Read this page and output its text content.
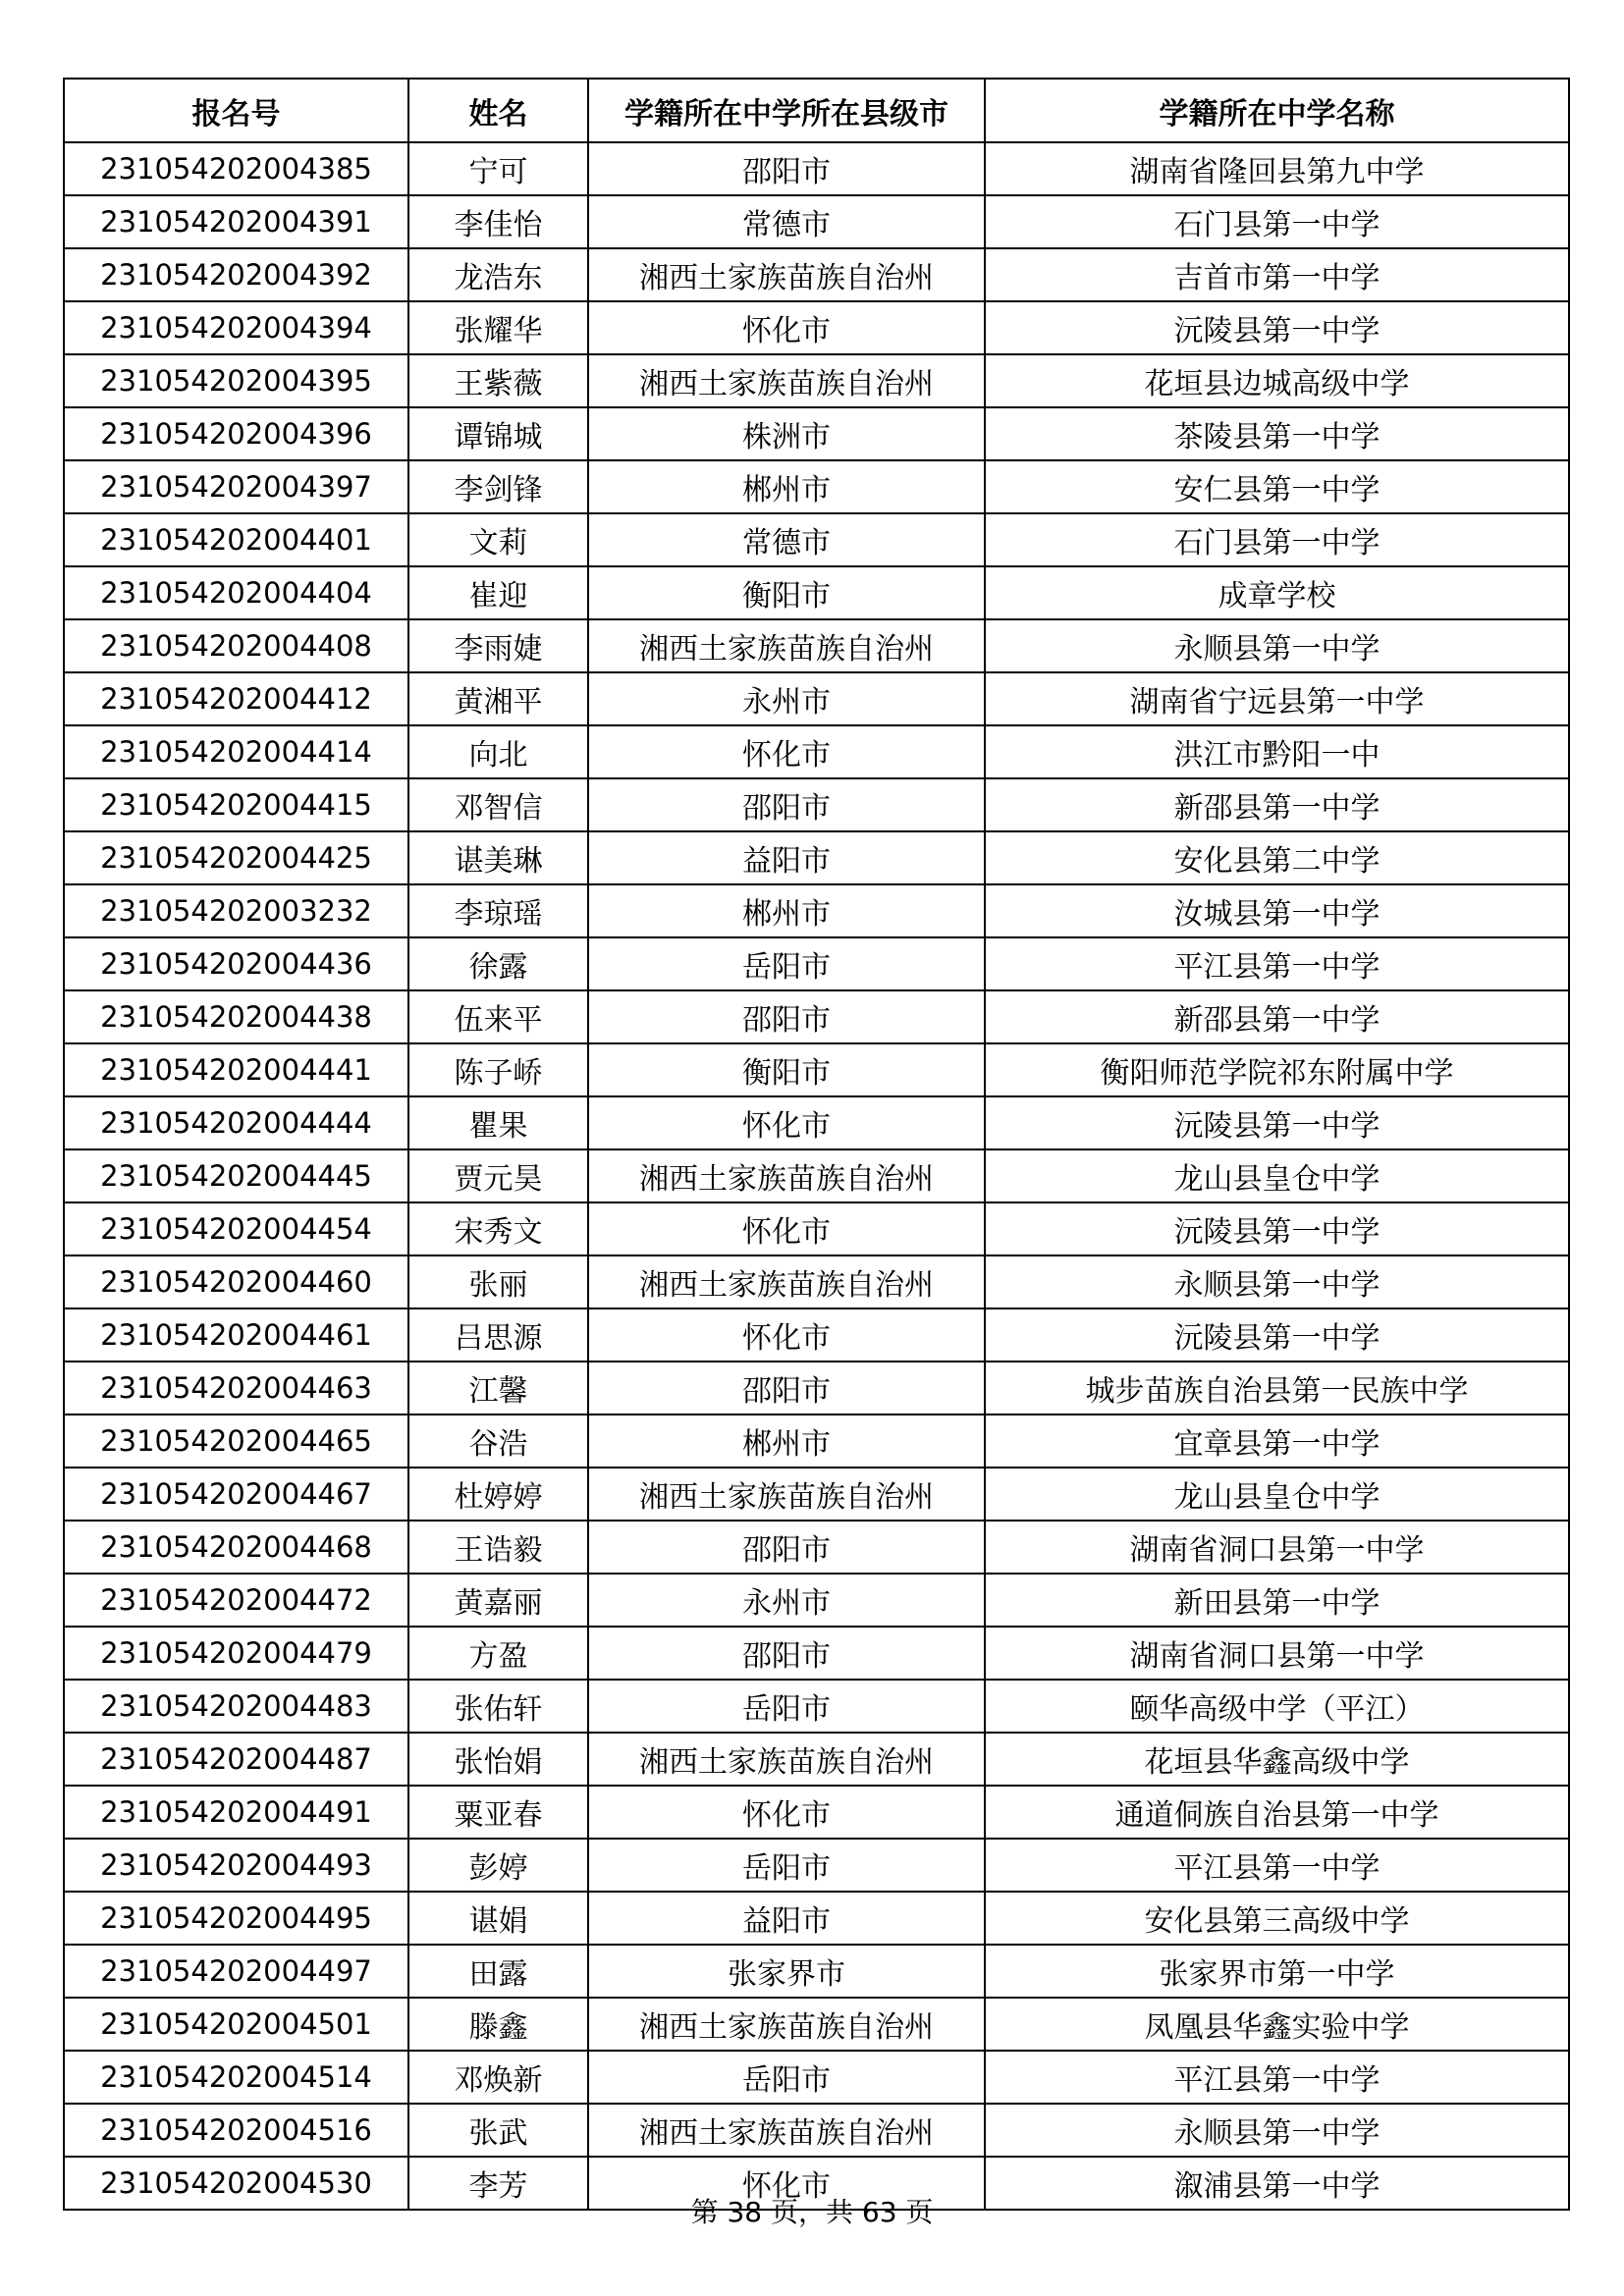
报名号	姓名	学籍所在中学所在县级市	学籍所在中学名称
231054202004385	宁可	邵阳市	湖南省隆回县第九中学
231054202004391	李佳怡	常德市	石门县第一中学
231054202004392	龙浩东	湘西土家族苗族自治州	吉首市第一中学
231054202004394	张耀华	怀化市	沅陵县第一中学
231054202004395	王紫薇	湘西土家族苗族自治州	花垣县边城高级中学
231054202004396	谭锦城	株洲市	茶陵县第一中学
231054202004397	李剑锋	郴州市	安仁县第一中学
231054202004401	文莉	常德市	石门县第一中学
231054202004404	崔迎	衡阳市	成章学校
231054202004408	李雨婕	湘西土家族苗族自治州	永顺县第一中学
231054202004412	黄湘平	永州市	湖南省宁远县第一中学
231054202004414	向北	怀化市	洪江市黔阳一中
231054202004415	邓智信	邵阳市	新邵县第一中学
231054202004425	谌美琳	益阳市	安化县第二中学
231054202003232	李琼瑶	郴州市	汝城县第一中学
231054202004436	徐露	岳阳市	平江县第一中学
231054202004438	伍来平	邵阳市	新邵县第一中学
231054202004441	陈子峤	衡阳市	衡阳师范学院祁东附属中学
231054202004444	瞿果	怀化市	沅陵县第一中学
231054202004445	贾元昊	湘西土家族苗族自治州	龙山县皇仓中学
231054202004454	宋秀文	怀化市	沅陵县第一中学
231054202004460	张丽	湘西土家族苗族自治州	永顺县第一中学
231054202004461	吕思源	怀化市	沅陵县第一中学
231054202004463	江馨	邵阳市	城步苗族自治县第一民族中学
231054202004465	谷浩	郴州市	宜章县第一中学
231054202004467	杜婷婷	湘西土家族苗族自治州	龙山县皇仓中学
231054202004468	王诰毅	邵阳市	湖南省洞口县第一中学
231054202004472	黄嘉丽	永州市	新田县第一中学
231054202004479	方盈	邵阳市	湖南省洞口县第一中学
231054202004483	张佑轩	岳阳市	颐华高级中学（平江）
231054202004487	张怡娟	湘西土家族苗族自治州	花垣县华鑫高级中学
231054202004491	粟亚春	怀化市	通道侗族自治县第一中学
231054202004493	彭婷	岳阳市	平江县第一中学
231054202004495	谌娟	益阳市	安化县第三高级中学
231054202004497	田露	张家界市	张家界市第一中学
231054202004501	滕鑫	湘西土家族苗族自治州	凤凰县华鑫实验中学
231054202004514	邓焕新	岳阳市	平江县第一中学
231054202004516	张武	湘西土家族苗族自治州	永顺县第一中学
231054202004530	李芳	怀化市	溆浦县第一中学
第 38 页，共 63 页
